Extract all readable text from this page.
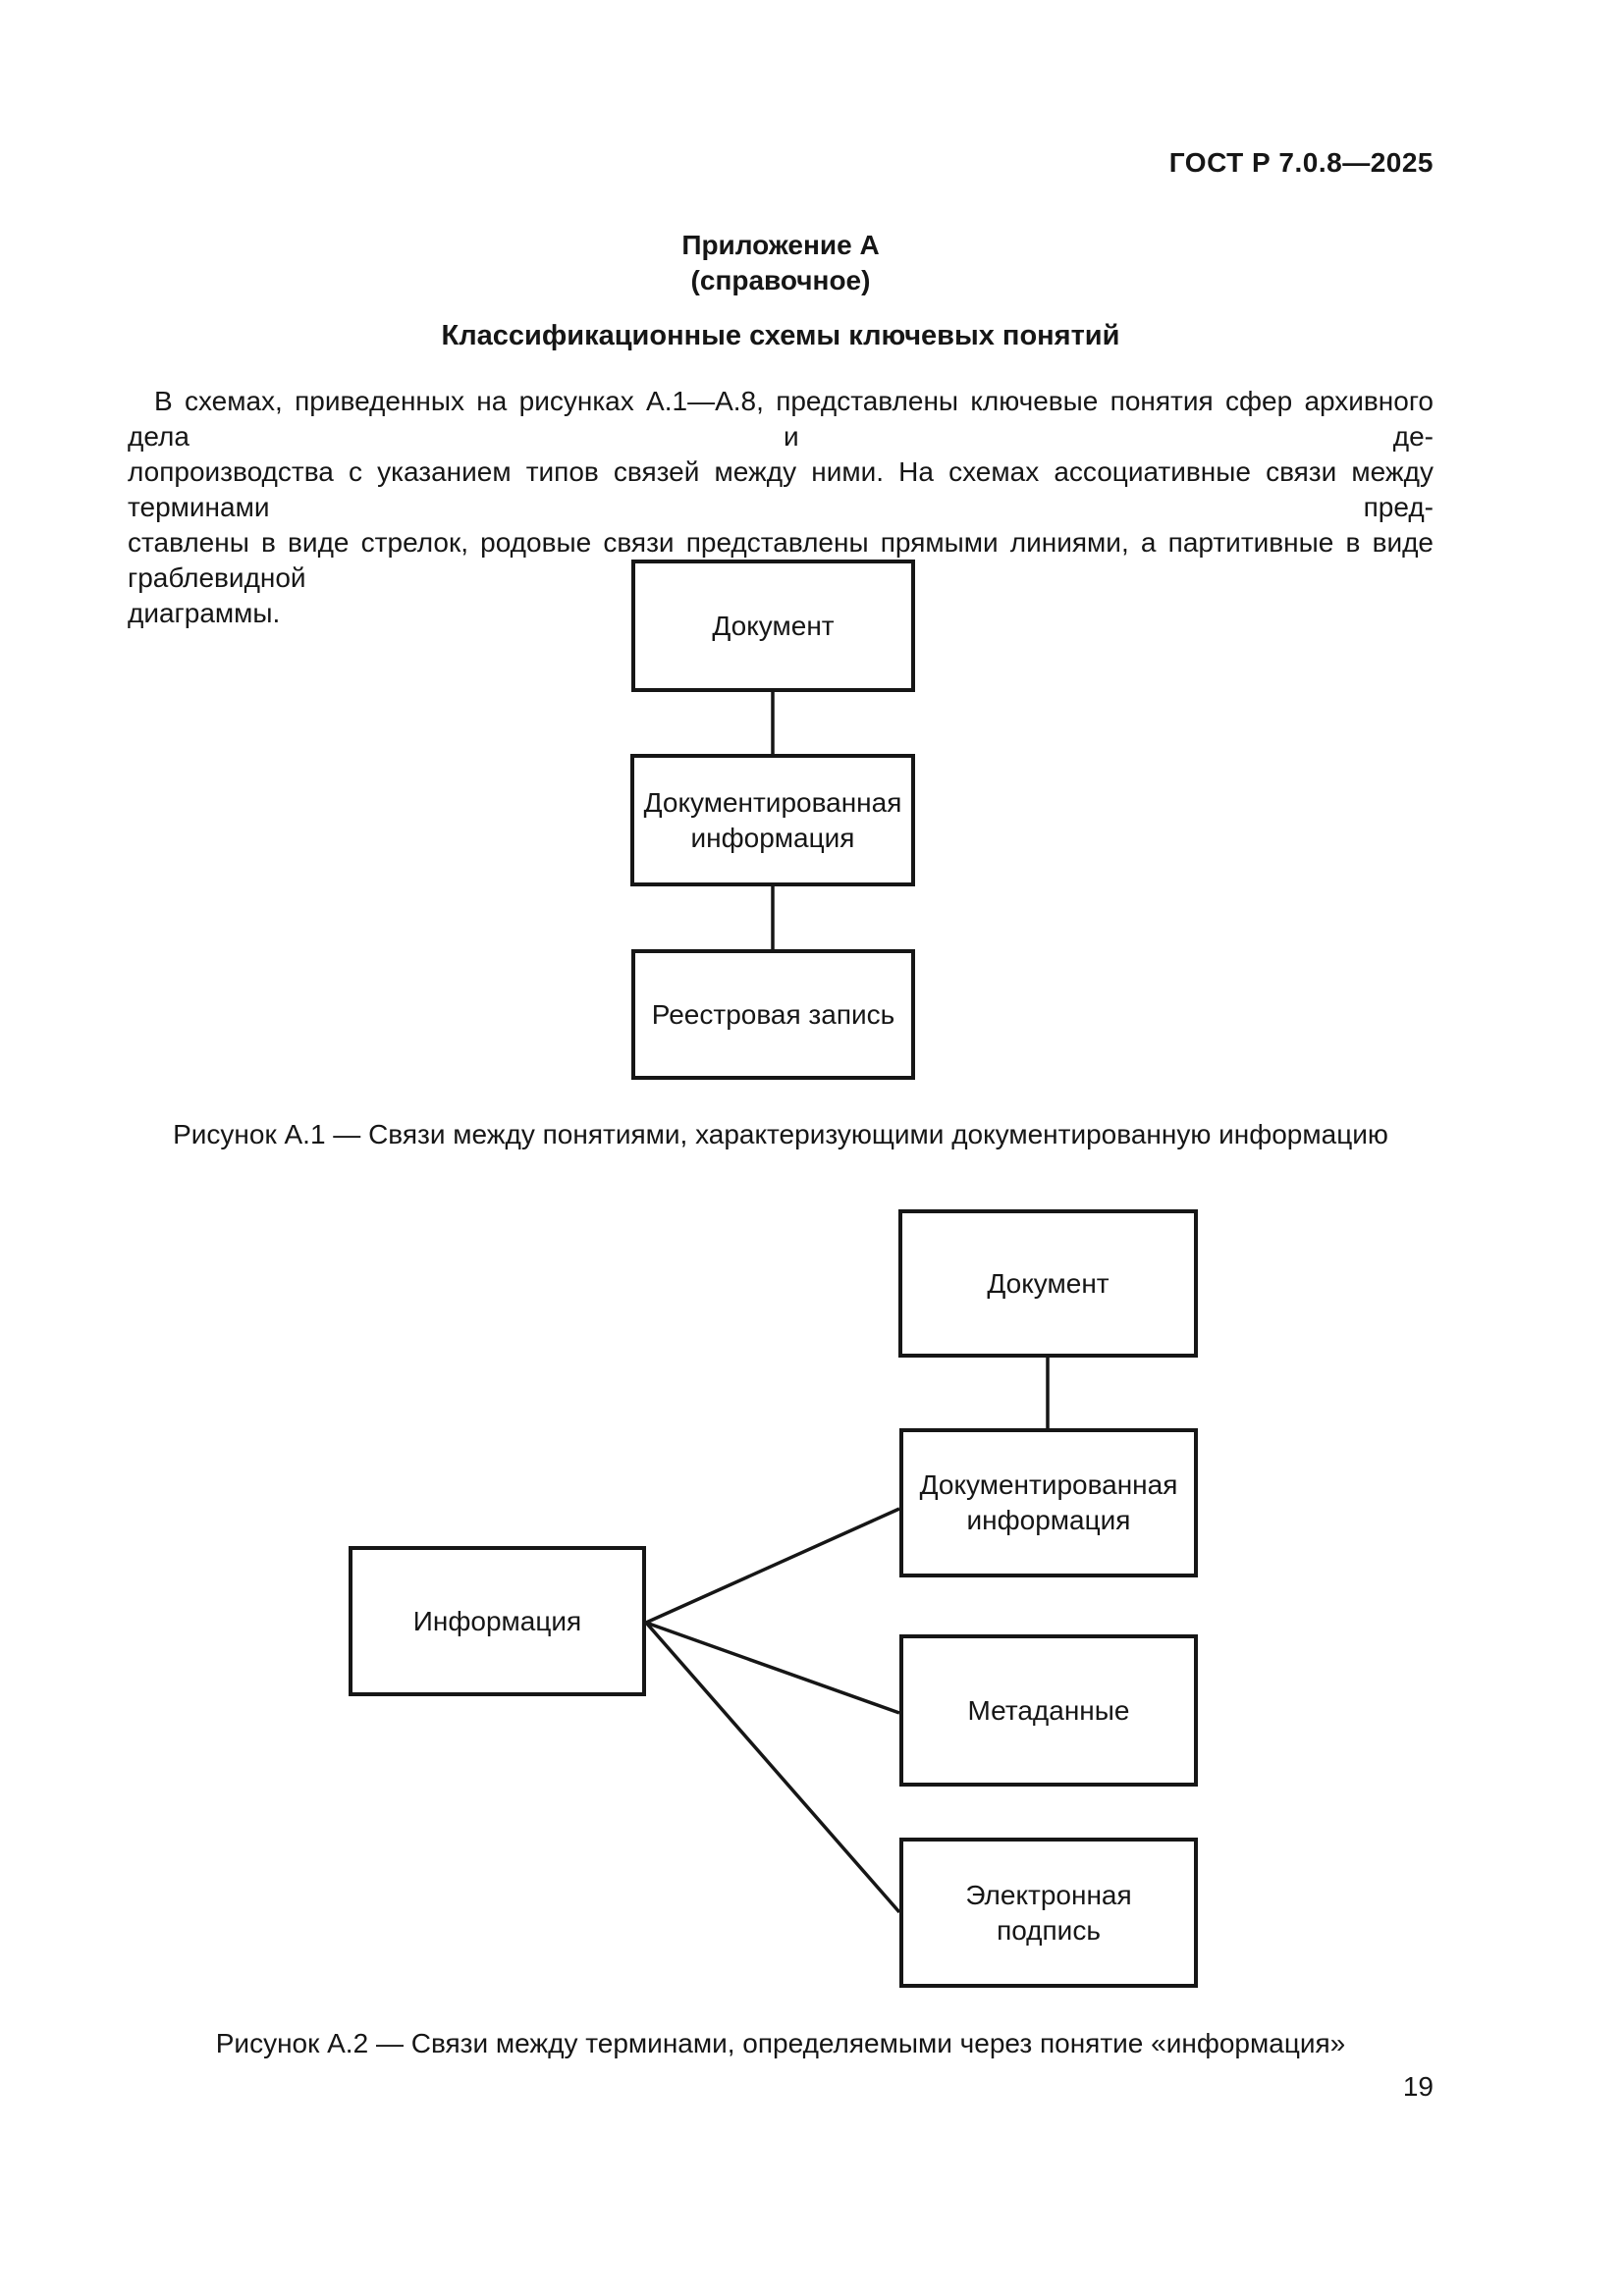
ГОСТ Р 7.0.8—2025
Приложение А
(справочное)
Классификационные схемы ключевых понятий
В схемах, приведенных на рисунках А.1—А.8, представлены ключевые понятия сфер архивного дела и де-
лопроизводства с указанием типов связей между ними. На схемах ассоциативные связи между терминами пред-
ставлены в виде стрелок, родовые связи представлены прямыми линиями, а партитивные в виде граблевидной
диаграммы.	Документ
Документированная информация
Реестровая запись
Рисунок А.1 — Связи между понятиями, характеризующими документированную информацию
Документ
Документированная информация
Информация
Метаданные
Электронная подпись
Рисунок А.2 — Связи между терминами, определяемыми через понятие «информация»
19
